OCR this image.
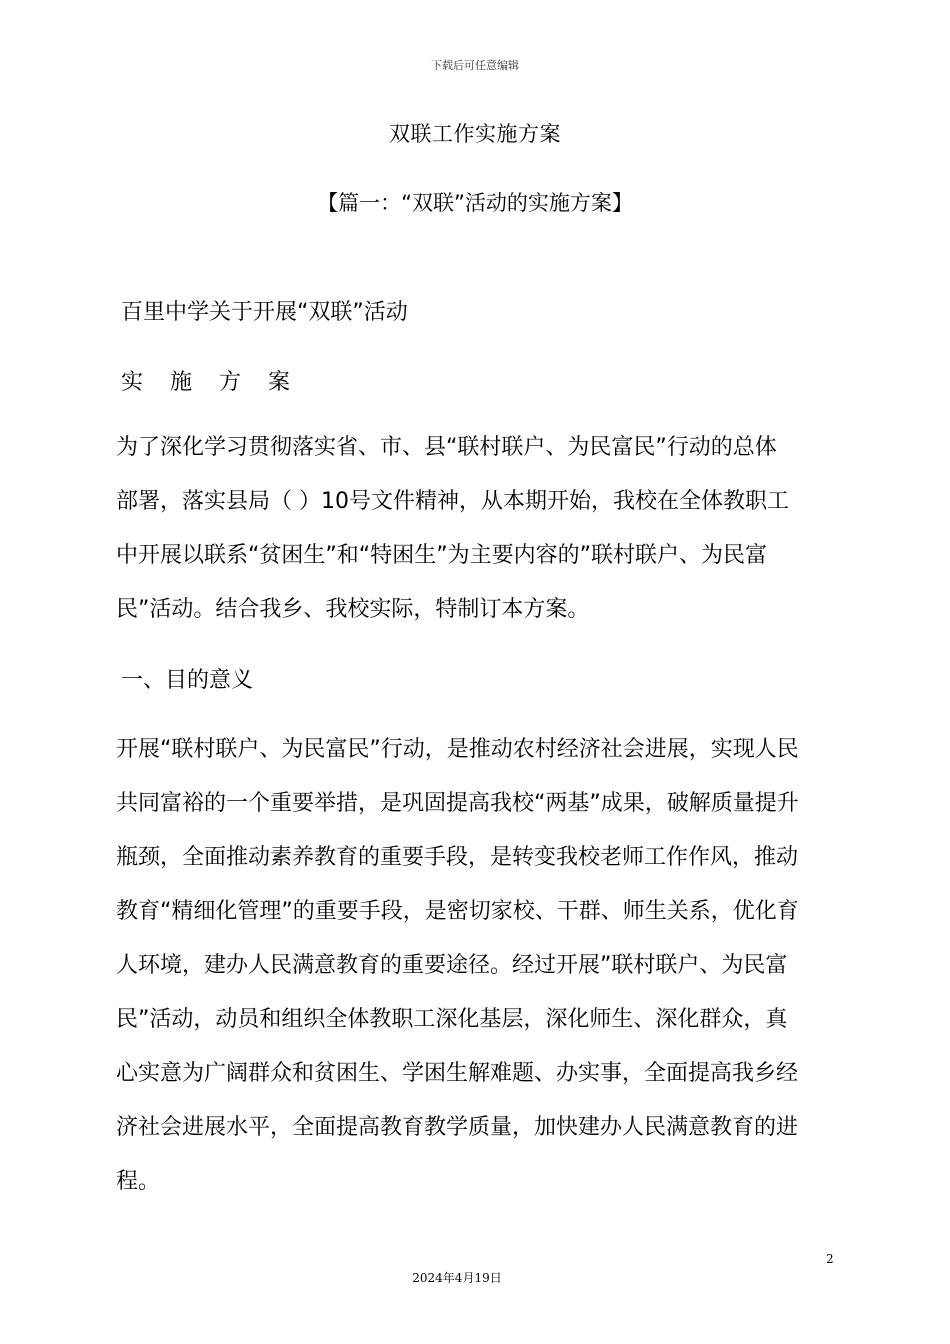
下载后可任意编辑
双联工作实施方案
【篇一：“双联”活动的实施方案】
百里中学关于开展“双联”活动
实 施 方 案
为了深化学习贯彻落实省、市、县“联村联户、为民富民”行动的总体
部署，落实县局（ ）10号文件精神，从本期开始，我校在全体教职工
中开展以联系“贫困生”和“特困生”为主要内容的”联村联户、为民富
民”活动。结合我乡、我校实际，特制订本方案。
一、目的意义
开展“联村联户、为民富民”行动，是推动农村经济社会进展，实现人民
共同富裕的一个重要举措，是巩固提高我校“两基”成果，破解质量提升
瓶颈，全面推动素养教育的重要手段，是转变我校老师工作作风，推动
教育“精细化管理”的重要手段，是密切家校、干群、师生关系，优化育
人环境，建办人民满意教育的重要途径。经过开展”联村联户、为民富
民”活动，动员和组织全体教职工深化基层，深化师生、深化群众，真
心实意为广阔群众和贫困生、学困生解难题、办实事，全面提高我乡经
济社会进展水平，全面提高教育教学质量，加快建办人民满意教育的进
程。
2
2024年4月19日
